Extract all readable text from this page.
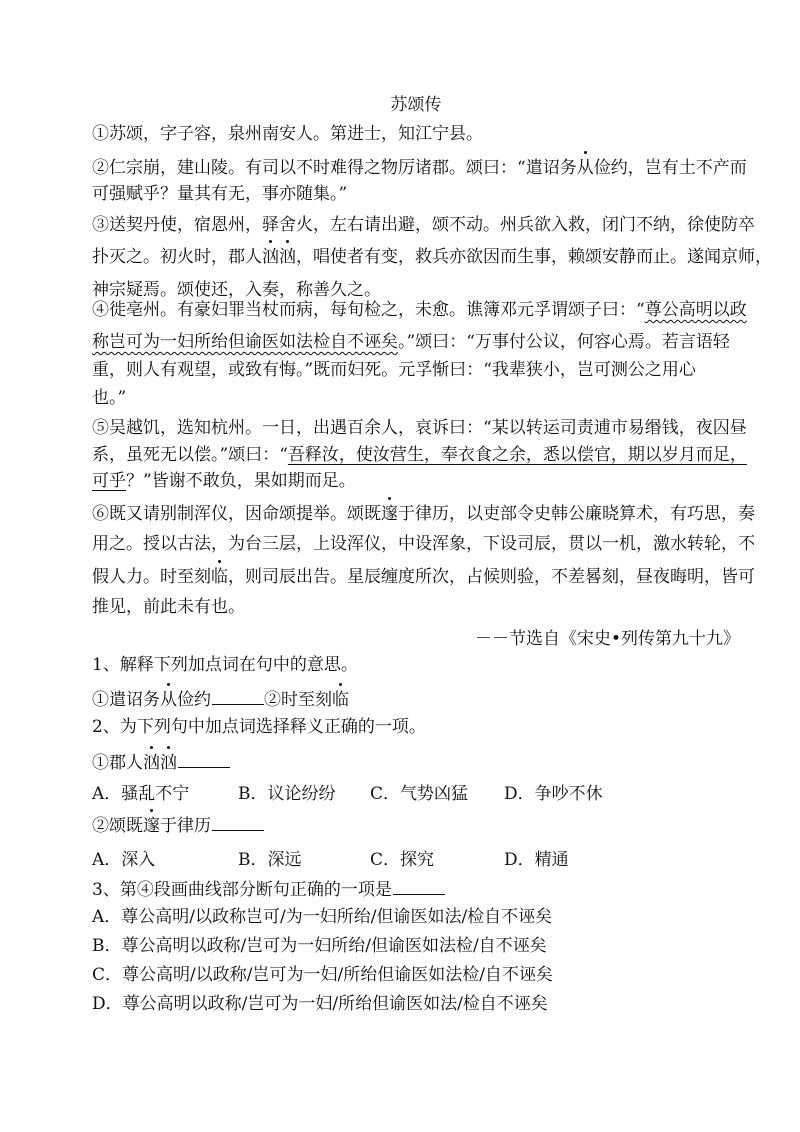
苏颂传
①苏颂，字子容，泉州南安人。第进士，知江宁县。
②仁宗崩，建山陵。有司以不时难得之物厉诸郡。颂曰：“遣诏务从俭约，岂有土不产而
可强赋乎？量其有无，事亦随集。”
③送契丹使，宿恩州，驿舍火，左右请出避，颂不动。州兵欲入救，闭门不纳，徐使防卒
扑灭之。初火时，郡人汹汹，唱使者有变，救兵亦欲因而生事，赖颂安静而止。遂闻京师，
神宗疑焉。颂使还，入奏，称善久之。
④徙亳州。有豪妇罪当杖而病，每旬检之，未愈。谯簿邓元孚谓颂子曰：“尊公高明以政
称岂可为一妇所绐但谕医如法检自不诬矣。”颂曰：“万事付公议，何容心焉。若言语轻
重，则人有观望，或致有悔。”既而妇死。元孚惭曰：“我辈狭小，岂可测公之用心
也。”
⑤吴越饥，选知杭州。一日，出遇百余人，哀诉曰：“某以转运司责逋市易缗钱，夜囚昼
系，虽死无以偿。”颂曰：“吾释汝，使汝营生，奉衣食之余，悉以偿官，期以岁月而足，
可乎？”皆谢不敢负，果如期而足。
⑥既又请别制浑仪，因命颂提举。颂既邃于律历，以吏部令史韩公廉晓算术，有巧思，奏
用之。授以古法，为台三层，上设浑仪，中设浑象，下设司辰，贯以一机，激水转轮，不
假人力。时至刻临，则司辰出告。星辰缠度所次，占候则验，不差晷刻，昼夜晦明，皆可
推见，前此未有也。
－－节选自《宋史•列传第九十九》
1、解释下列加点词在句中的意思。
①遣诏务从俭约	②时至刻临
2、为下列句中加点词选择释义正确的一项。
①郡人汹汹
A．骚乱不宁	B．议论纷纷 C．气势凶猛 D．争吵不休
②颂既邃于律历
A．深入	B．深远	C．探究	D．精通
3、第④段画曲线部分断句正确的一项是
A．尊公高明/以政称岂可/为一妇所绐/但谕医如法/检自不诬矣
B．尊公高明以政称/岂可为一妇所绐/但谕医如法检/自不诬矣
C．尊公高明/以政称/岂可为一妇/所绐但谕医如法检/自不诬矣
D．尊公高明以政称/岂可为一妇/所绐但谕医如法/检自不诬矣
